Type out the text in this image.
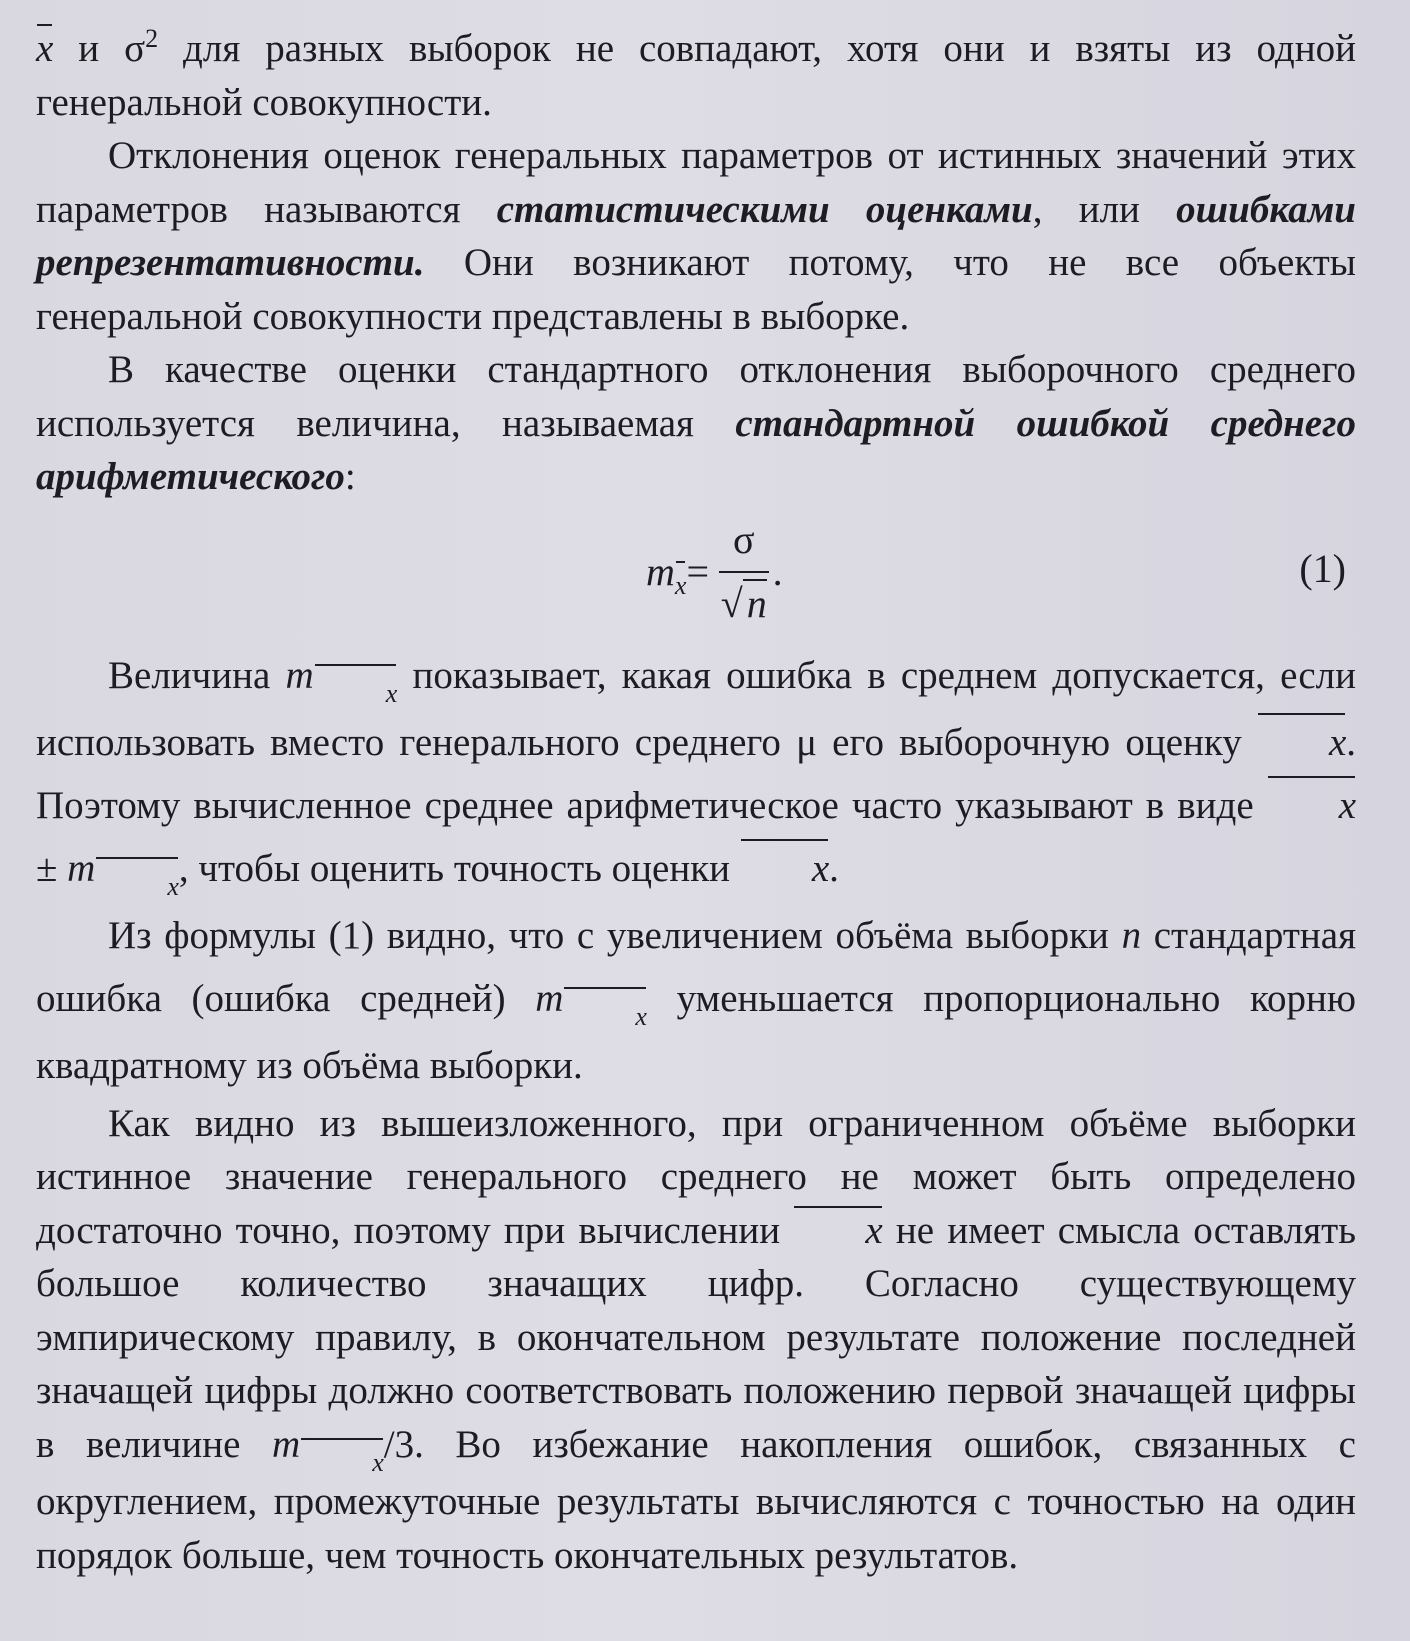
x и $\sigma^2$ для разных выборок не совпадают, хотя они и взяты из одной генеральной совокупности.

Отклонения оценок генеральных параметров от истинных значений этих параметров называются статистическими оценками, или ошибками репрезентативности. Они возникают потому, что не все объекты генеральной совокупности представлены в выборке.

В качестве оценки стандартного отклонения выборочного среднего используется величина, называемая стандартной ошибкой среднего арифметического:

m $x = \frac{\sigma}{√ n}$ .	(1)

Величина m	x показывает, какая ошибка в среднем допускается, если использовать вместо генерального среднего μ его выборочную оценку x. Поэтому вычисленное среднее арифметическое часто указывают в виде x ± m	x, чтобы оценить точность оценки x.

Из формулы (1) видно, что с увеличением объёма выборки n стандартная ошибка (ошибка средней) m	x уменьшается пропорционально корню квадратному из объёма выборки.

Как видно из вышеизложенного, при ограниченном объёме выборки истинное значение генерального среднего не может быть определено достаточно точно, поэтому при вычислении x не имеет смысла оставлять большое количество значащих цифр. Согласно существующему эмпирическому правилу, в окончательном результате положение последней значащей цифры должно соответствовать положению первой значащей цифры в величине m	x/3. Во избежание накопления ошибок, связанных с округлением, промежуточные результаты вычисляются с точностью на один порядок больше, чем точность окончательных результатов.
